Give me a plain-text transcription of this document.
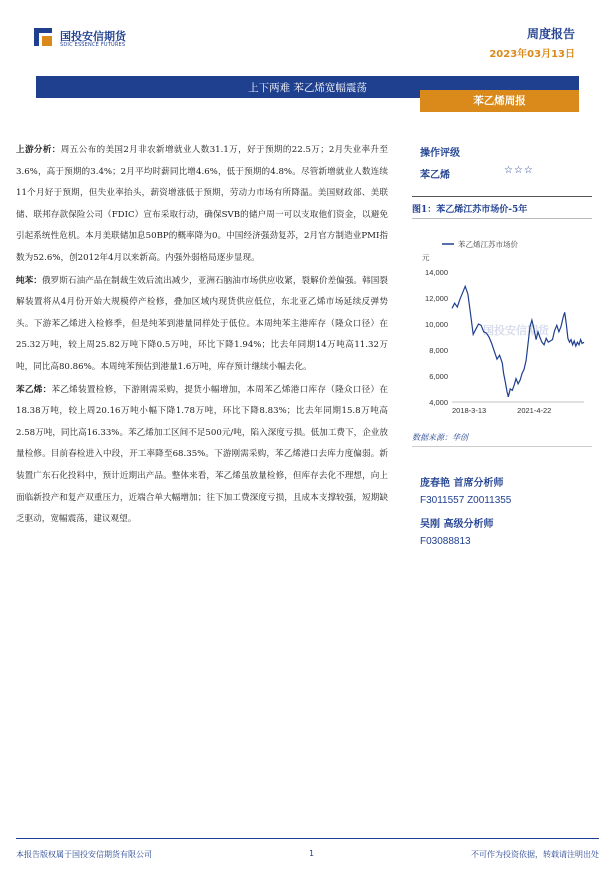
国投安信期货
SDIC ESSENCE FUTURES
周度报告
2023年03月13日
上下两难 苯乙烯宽幅震荡
苯乙烯周报

上游分析：周五公布的美国2月非农新增就业人数31.1万，好于预期的22.5万；2月失业率升至3.6%，高于预期的3.4%；2月平均时薪同比增4.6%，低于预期的4.8%。尽管新增就业人数连续11个月好于预期，但失业率抬头，薪资增涨低于预期，劳动力市场有所降温。美国财政部、美联储、联邦存款保险公司（FDIC）宣布采取行动，确保SVB的储户周一可以支取他们资金，以避免引起系统性危机。本月美联储加息50BP的概率降为0。中国经济强劲复苏，2月官方制造业PMI指数为52.6%，创2012年4月以来新高。内强外弱格局逐步显现。

纯苯：俄罗斯石油产品在制裁生效后流出减少，亚洲石脑油市场供应收紧，裂解价差偏强。韩国裂解装置将从4月份开始大规模停产检修，叠加区域内现货供应低位，东北亚乙烯市场延续反弹势头。下游苯乙烯进入检修季，但是纯苯到港量同样处于低位。本周纯苯主港库存（隆众口径）在25.32万吨，较上周25.82万吨下降0.5万吨，环比下降1.94%；比去年同期14万吨高11.32万吨，同比高80.86%。本周纯苯预估到港量1.6万吨，库存预计继续小幅去化。

苯乙烯：苯乙烯装置检修，下游刚需采购，提货小幅增加，本周苯乙烯港口库存（隆众口径）在18.38万吨，较上周20.16万吨小幅下降1.78万吨，环比下降8.83%；比去年同期15.8万吨高2.58万吨，同比高16.33%。苯乙烯加工区间不足500元/吨，陷入深度亏损。低加工费下，企业放量检修。目前春检进入中段，开工率降至68.35%。下游刚需采购，苯乙烯港口去库力度偏弱。新装置广东石化投料中，预计近期出产品。整体来看，苯乙烯虽放量检修，但库存去化不理想，向上面临新投产和复产双重压力，近端合单大幅增加；往下加工费深度亏损，且成本支撑较强，短期缺乏驱动，宽幅震荡，建议观望。

操作评级
苯乙烯	☆☆☆
图1：苯乙烯江苏市场价-5年
苯乙烯江苏市场价
元
14,000
12,000
10,000
8,000
6,000
4,000
2018-3-13	2021-4-22
国投安信期货
数据来源：华创
庞春艳 首席分析师
F3011557 Z0011355
吴刚 高级分析师
F03088813
本报告版权属于国投安信期货有限公司	1	不可作为投资依据，转载请注明出处
